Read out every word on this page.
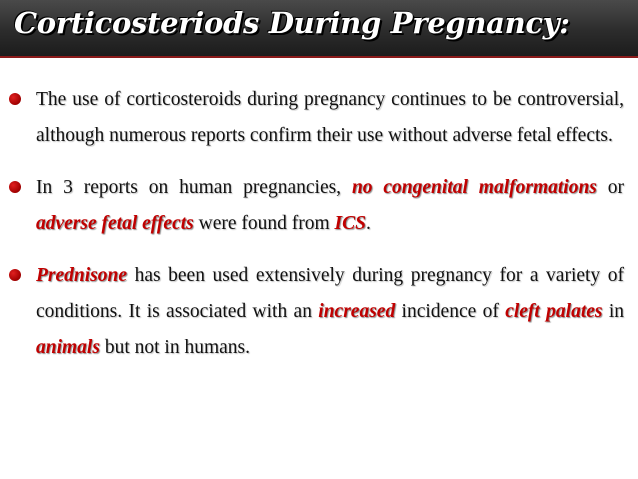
Corticosteriods During Pregnancy:
The use of corticosteroids during pregnancy continues to be controversial, although numerous reports confirm their use without adverse fetal effects.
In 3 reports on human pregnancies, no congenital malformations or adverse fetal effects were found from ICS.
Prednisone has been used extensively during pregnancy for a variety of conditions. It is associated with an increased incidence of cleft palates in animals but not in humans.
